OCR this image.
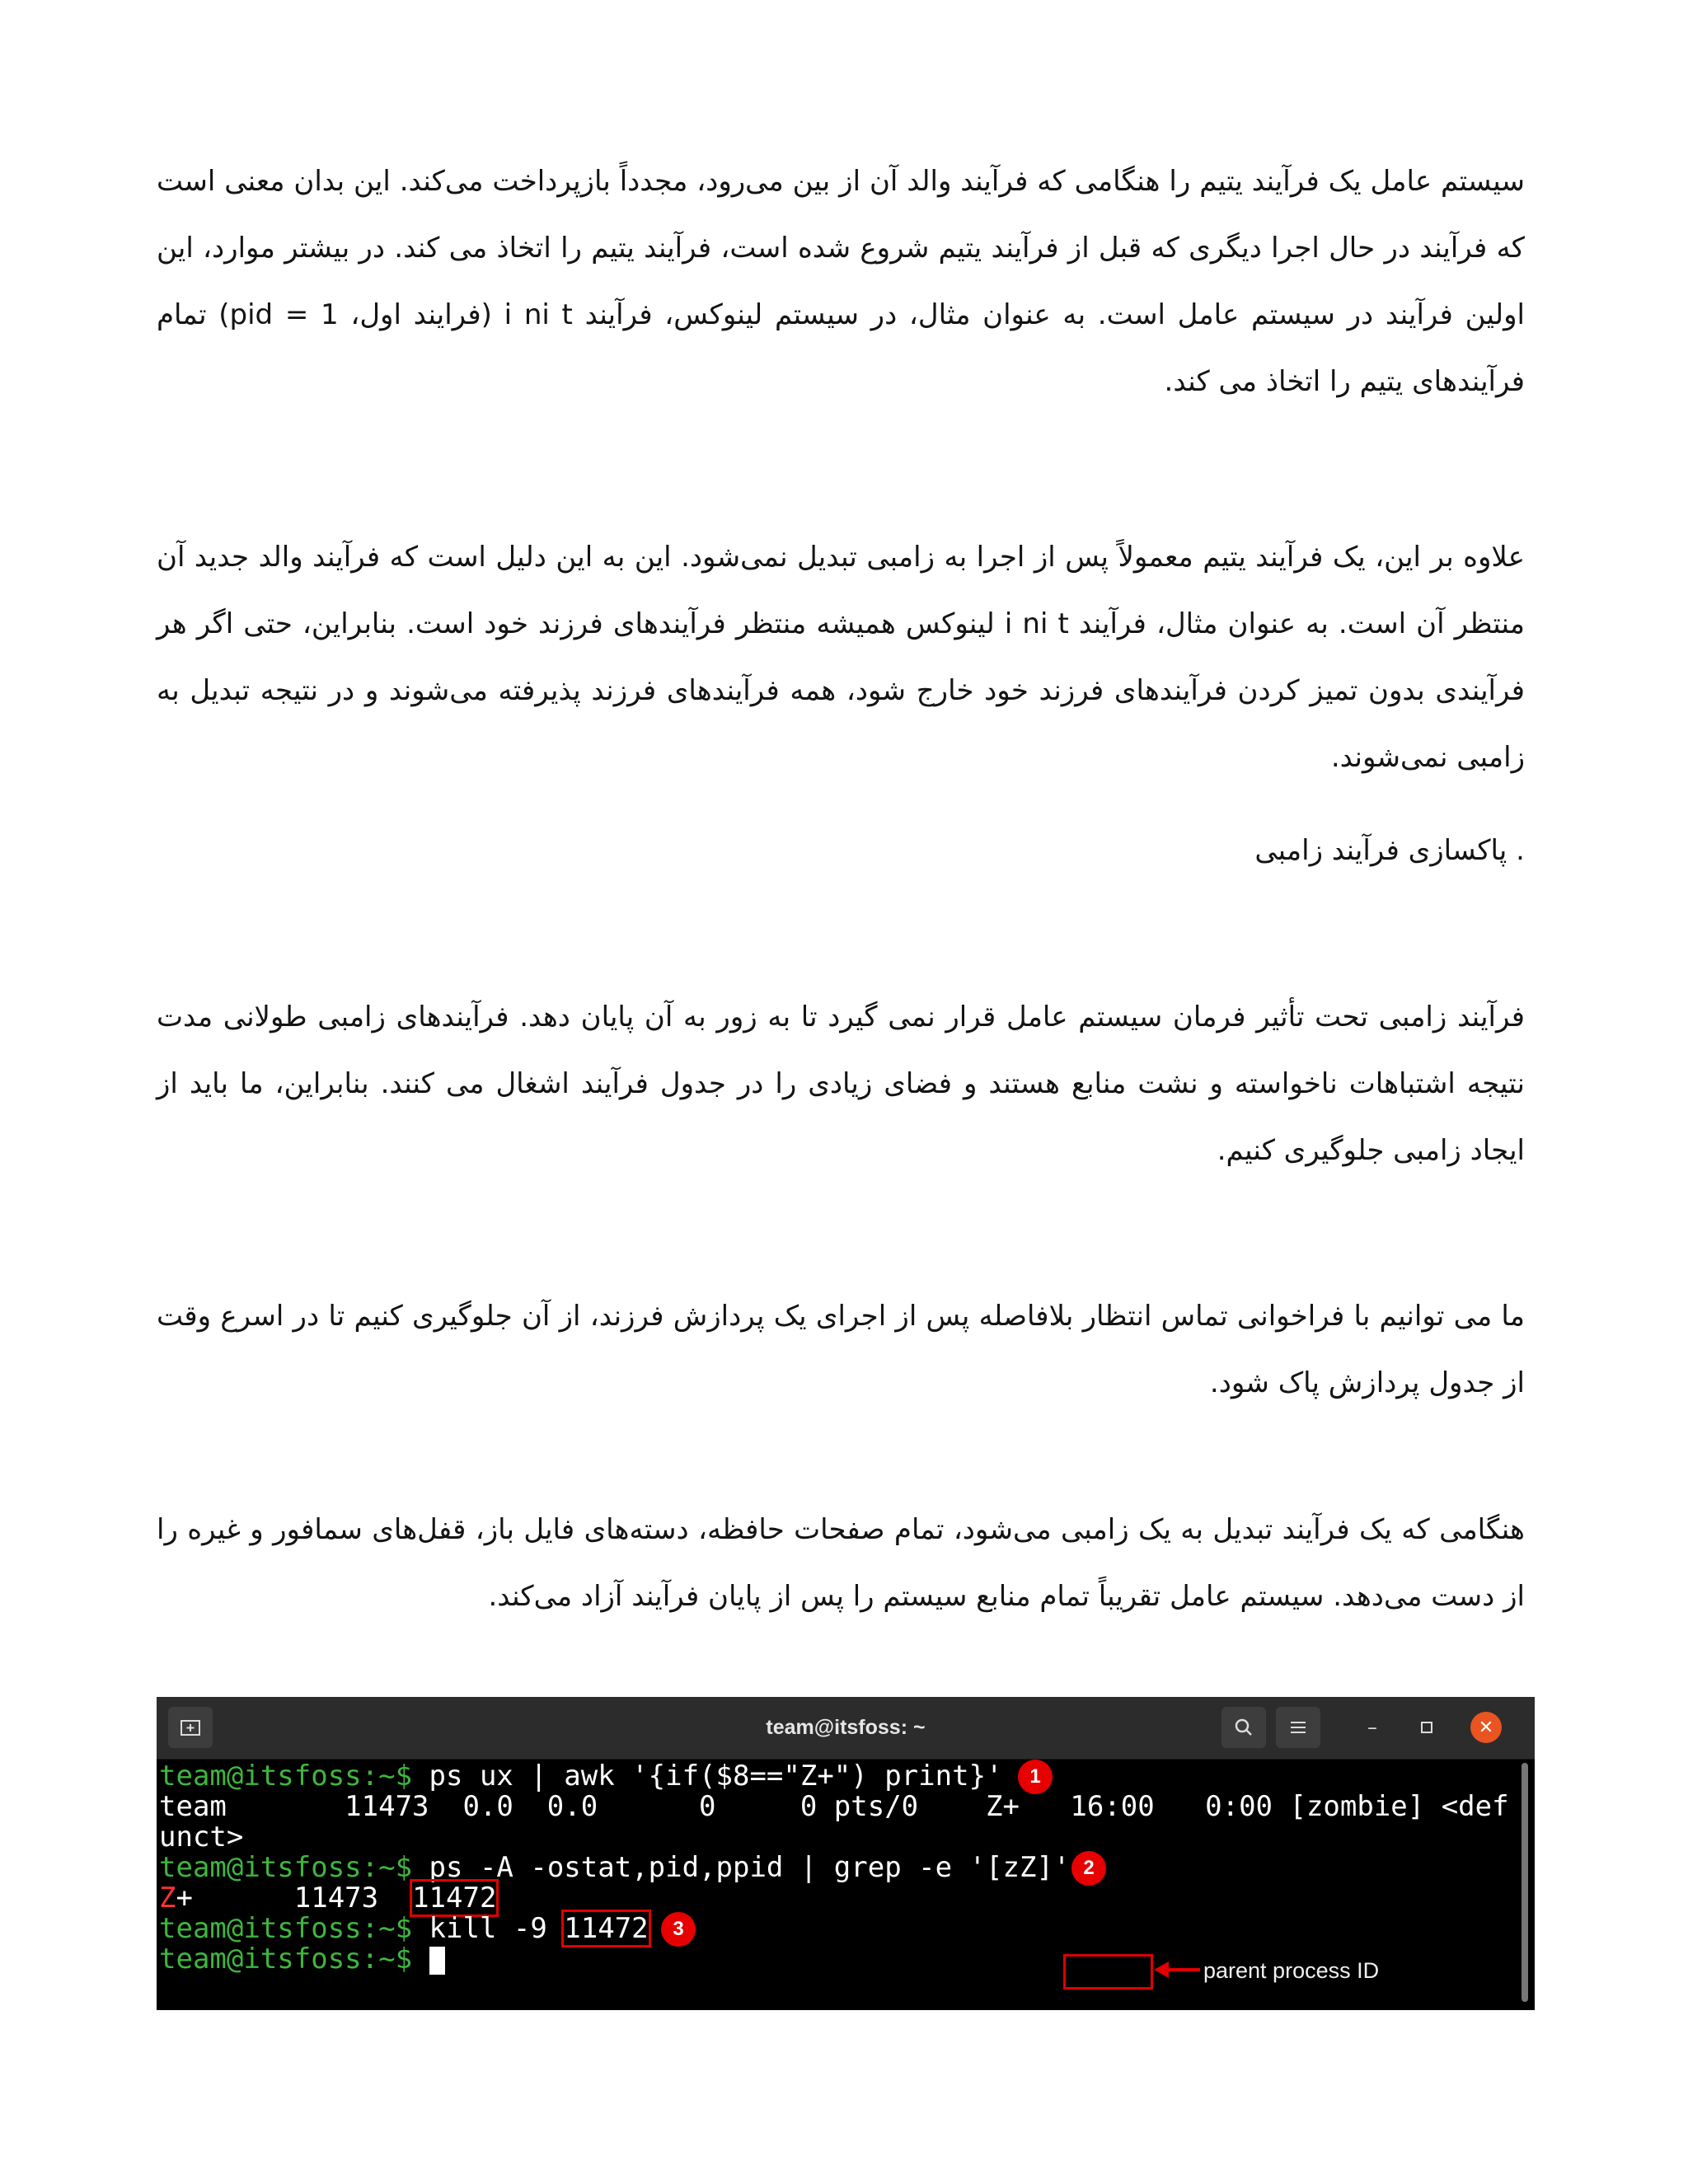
سیستم عامل یک فرآیند یتیم را هنگامی که فرآیند والد آن از بین می‌رود، مجدداً بازپرداخت می‌کند. این بدان معنی است که فرآیند در حال اجرا دیگری که قبل از فرآیند یتیم شروع شده است، فرآیند یتیم را اتخاذ می کند. در بیشتر موارد، این اولین فرآیند در سیستم عامل است. به عنوان مثال، در سیستم لینوکس، فرآیند i ni t (فرایند اول، pid = 1) تمام فرآیندهای یتیم را اتخاذ می کند.

علاوه بر این، یک فرآیند یتیم معمولاً پس از اجرا به زامبی تبدیل نمی‌شود. این به این دلیل است که فرآیند والد جدید آن منتظر آن است. به عنوان مثال، فرآیند i ni t لینوکس همیشه منتظر فرآیندهای فرزند خود است. بنابراین، حتی اگر هر فرآیندی بدون تمیز کردن فرآیندهای فرزند خود خارج شود، همه فرآیندهای فرزند پذیرفته می‌شوند و در نتیجه تبدیل به زامبی نمی‌شوند.

. پاکسازی فرآیند زامبی

فرآیند زامبی تحت تأثیر فرمان سیستم عامل قرار نمی گیرد تا به زور به آن پایان دهد. فرآیندهای زامبی طولانی مدت نتیجه اشتباهات ناخواسته و نشت منابع هستند و فضای زیادی را در جدول فرآیند اشغال می کنند. بنابراین، ما باید از ایجاد زامبی جلوگیری کنیم.

ما می توانیم با فراخوانی تماس انتظار بلافاصله پس از اجرای یک پردازش فرزند، از آن جلوگیری کنیم تا در اسرع وقت از جدول پردازش پاک شود.

هنگامی که یک فرآیند تبدیل به یک زامبی می‌شود، تمام صفحات حافظه، دسته‌های فایل باز، قفل‌های سمافور و غیره را از دست می‌دهد. سیستم عامل تقریباً تمام منابع سیستم را پس از پایان فرآیند آزاد می‌کند.

team@itsfoss: ~	–	✕
team@itsfoss:~$ ps ux | awk '{if($8=="Z+") print}'	1
team       11473  0.0  0.0      0     0 pts/0    Z+   16:00   0:00 [zombie] <def
unct>
team@itsfoss:~$ ps -A -ostat,pid,ppid | grep -e '[zZ]' 2
Z+      11473  11472
team@itsfoss:~$ kill -9 11472	3
team@itsfoss:~$	parent process ID
